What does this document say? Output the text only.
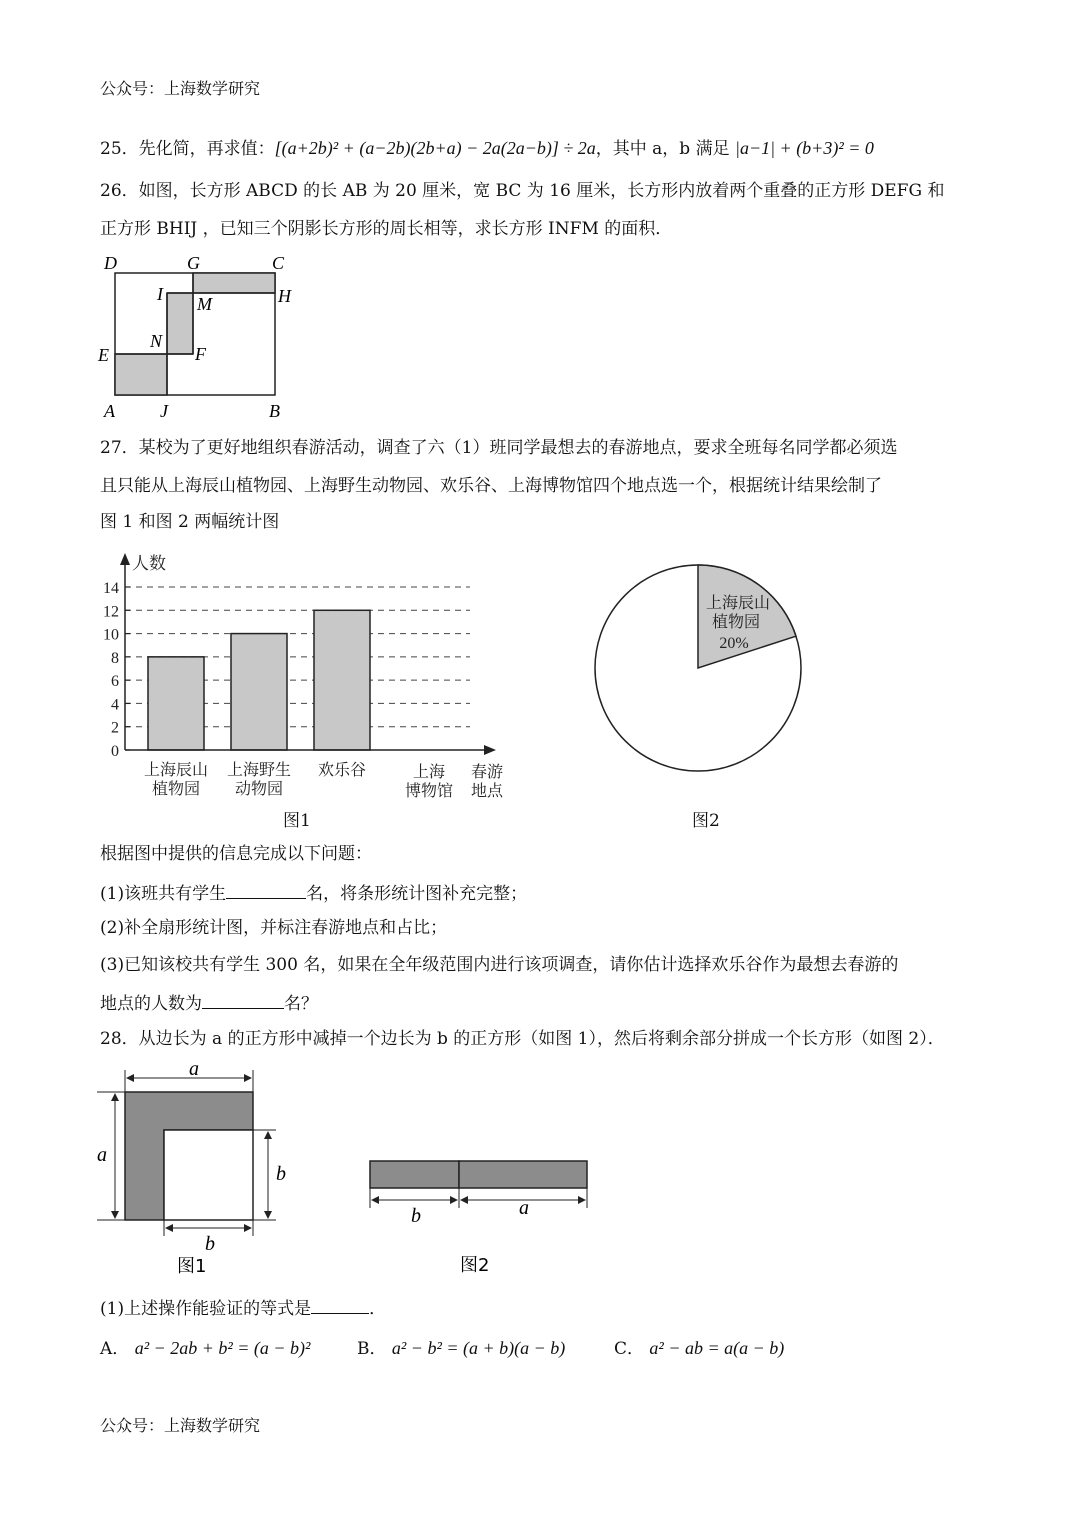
公众号：上海数学研究
25．先化简，再求值：[(a+2b)² + (a−2b)(2b+a) − 2a(2a−b)] ÷ 2a，其中 a，b 满足 |a−1| + (b+3)² = 0
26．如图，长方形 ABCD 的长 AB 为 20 厘米，宽 BC 为 16 厘米，长方形内放着两个重叠的正方形 DEFG 和
正方形 BHIJ ，已知三个阴影长方形的周长相等，求长方形 INFM 的面积．
D	G	C
I M	H
N
E	F
A	J	B
27．某校为了更好地组织春游活动，调查了六（1）班同学最想去的春游地点，要求全班每名同学都必须选
且只能从上海辰山植物园、上海野生动物园、欢乐谷、上海博物馆四个地点选一个，根据统计结果绘制了
图 1 和图 2 两幅统计图
0
2
4
6
8
10
12
14
上海辰山
植物园
上海野生
动物园
欢乐谷	上海
博物馆
人数
春游
地点
图1
上海辰山
植物园
20%
图2
根据图中提供的信息完成以下问题：
(1)该班共有学生	名，将条形统计图补充完整；
(2)补全扇形统计图，并标注春游地点和占比；
(3)已知该校共有学生 300 名，如果在全年级范围内进行该项调查，请你估计选择欢乐谷作为最想去春游的
地点的人数为	名？
28．从边长为 a 的正方形中减掉一个边长为 b 的正方形（如图 1），然后将剩余部分拼成一个长方形（如图 2）．
a
a
b
b
图1
b	a
图2
(1)上述操作能验证的等式是	．
A． a² − 2ab + b² = (a − b)²	B． a² − b² = (a + b)(a − b)	C． a² − ab = a(a − b)
公众号：上海数学研究
